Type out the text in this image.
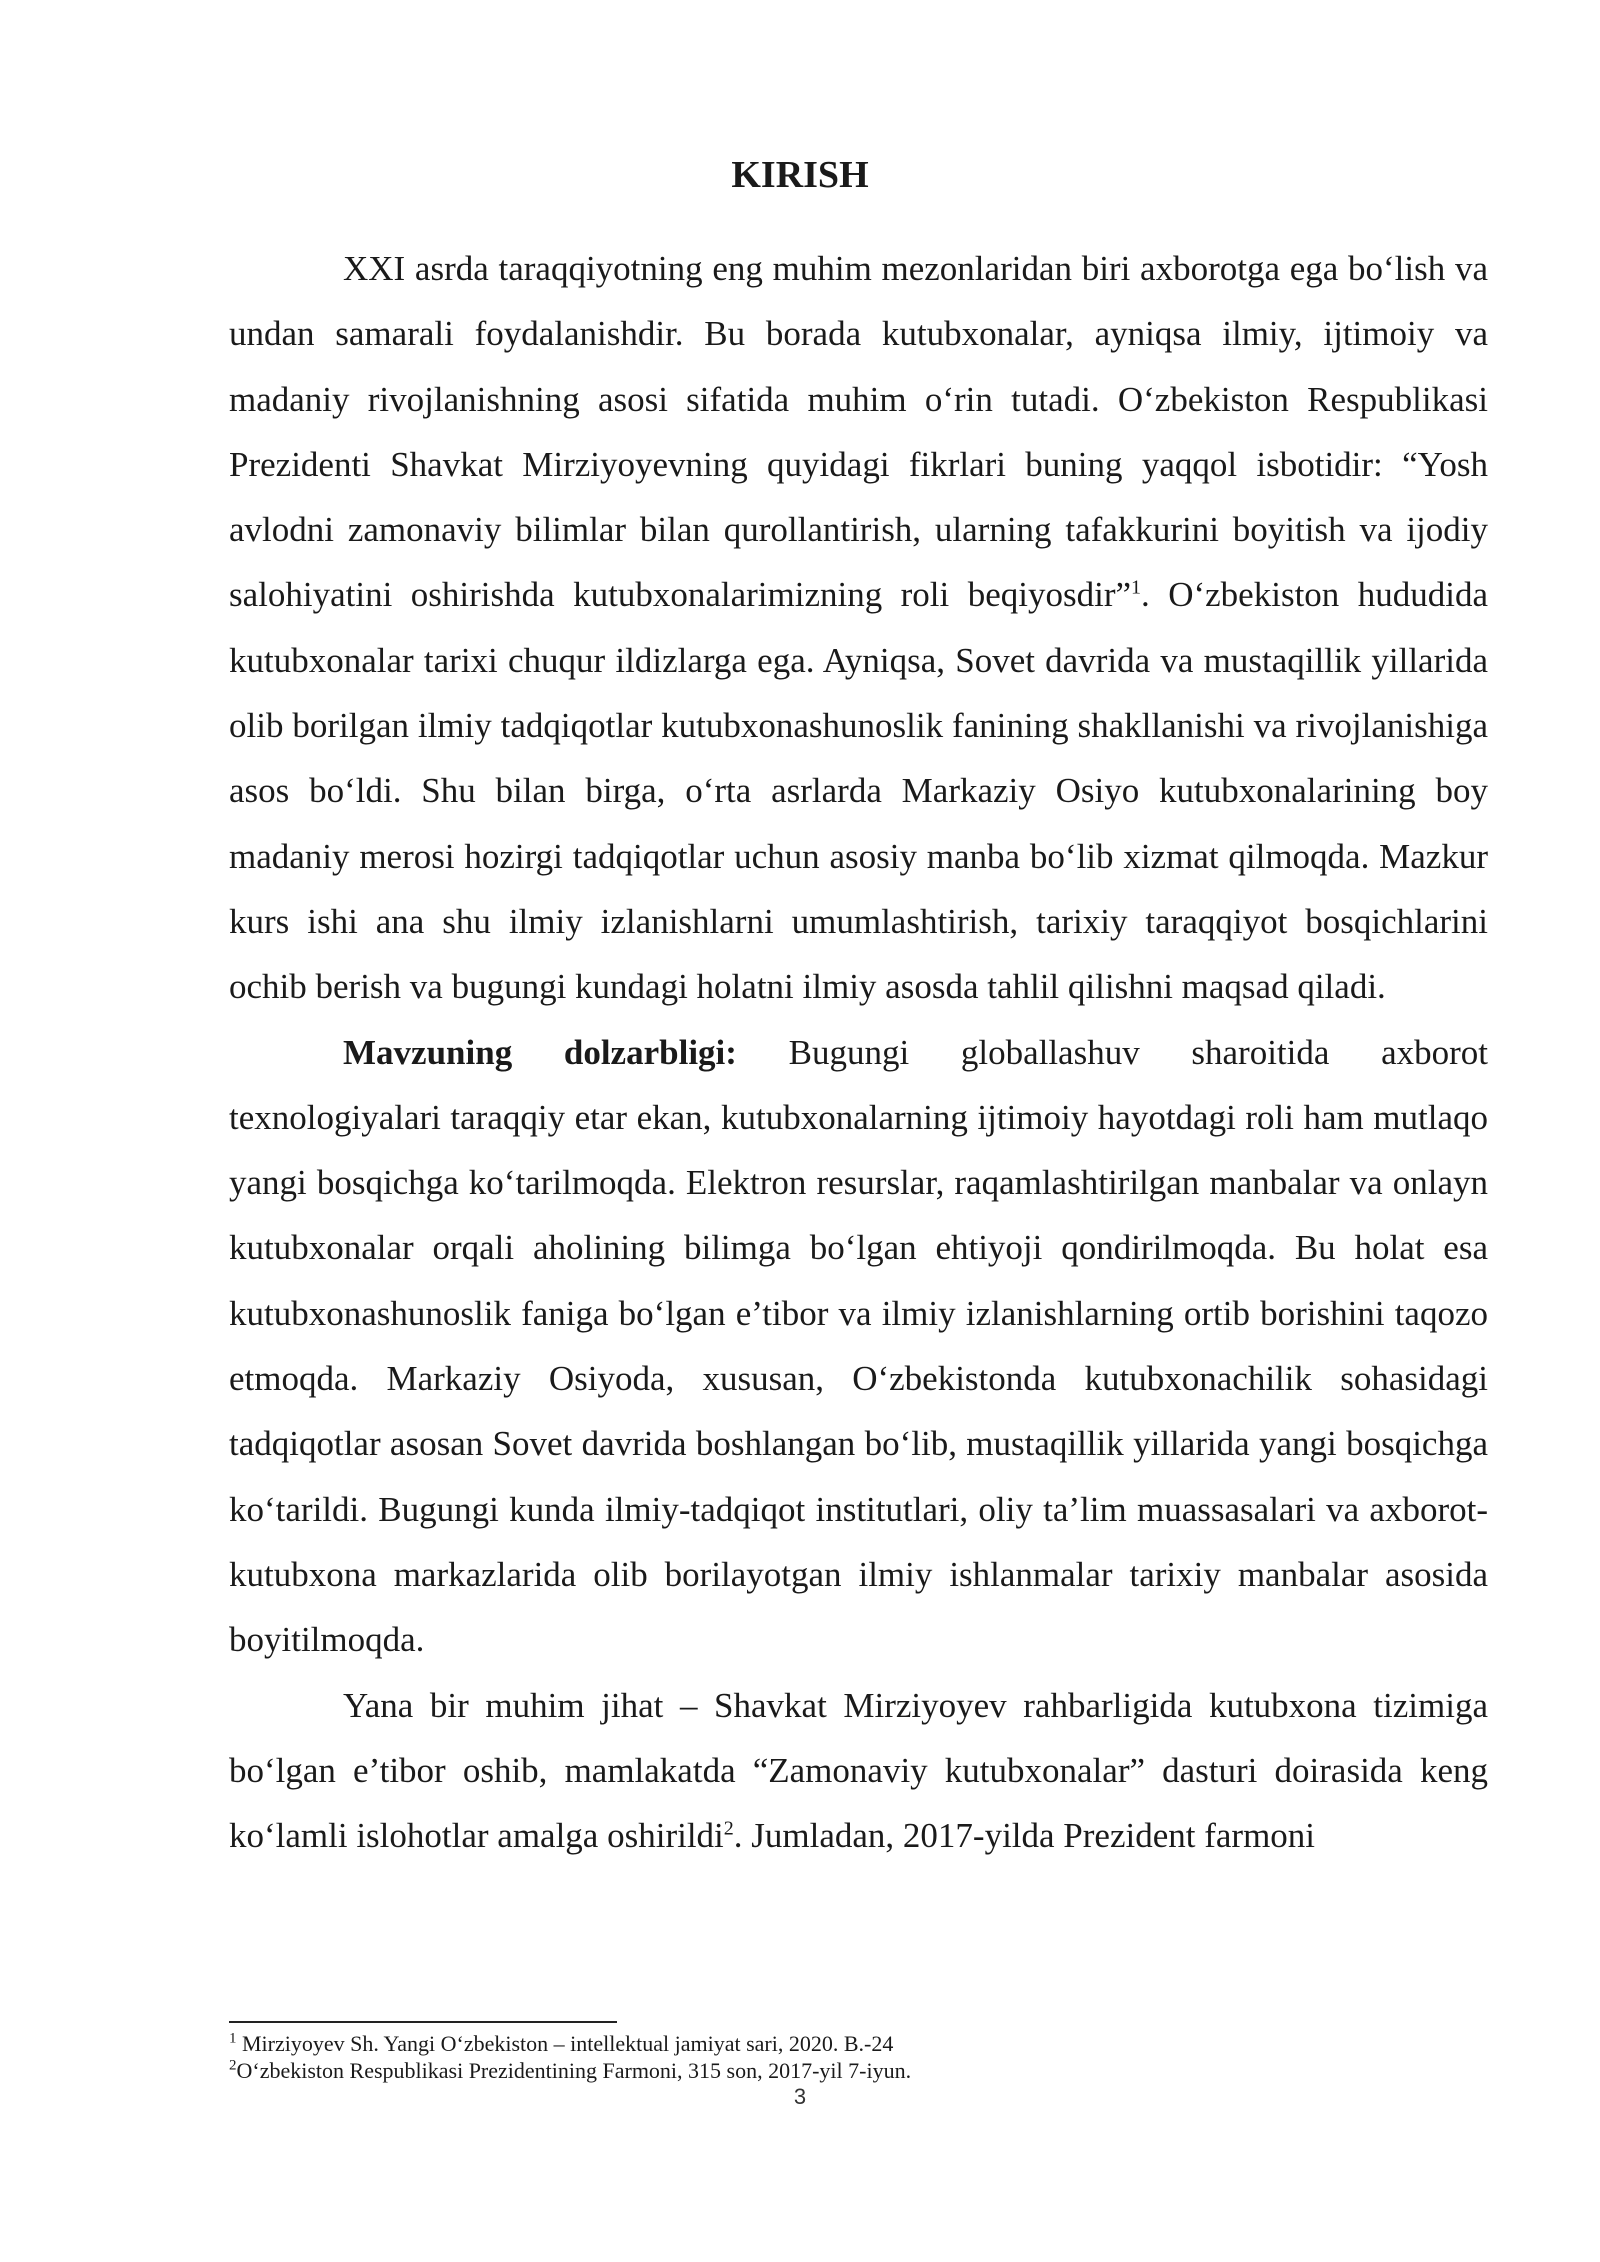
KIRISH

XXI asrda taraqqiyotning eng muhim mezonlaridan biri axborotga ega bo‘lish va undan samarali foydalanishdir. Bu borada kutubxonalar, ayniqsa ilmiy, ijtimoiy va madaniy rivojlanishning asosi sifatida muhim o‘rin tutadi. O‘zbekiston Respublikasi Prezidenti Shavkat Mirziyoyevning quyidagi fikrlari buning yaqqol isbotidir: “Yosh avlodni zamonaviy bilimlar bilan qurollantirish, ularning tafakkurini boyitish va ijodiy salohiyatini oshirishda kutubxonalarimizning roli beqiyosdir”$^1$. O‘zbekiston hududida kutubxonalar tarixi chuqur ildizlarga ega. Ayniqsa, Sovet davrida va mustaqillik yillarida olib borilgan ilmiy tadqiqotlar kutubxonashunoslik fanining shakllanishi va rivojlanishiga asos bo‘ldi. Shu bilan birga, o‘rta asrlarda Markaziy Osiyo kutubxonalarining boy madaniy merosi hozirgi tadqiqotlar uchun asosiy manba bo‘lib xizmat qilmoqda. Mazkur kurs ishi ana shu ilmiy izlanishlarni umumlashtirish, tarixiy taraqqiyot bosqichlarini ochib berish va bugungi kundagi holatni ilmiy asosda tahlil qilishni maqsad qiladi.

Mavzuning dolzarbligi: Bugungi globallashuv sharoitida axborot texnologiyalari taraqqiy etar ekan, kutubxonalarning ijtimoiy hayotdagi roli ham mutlaqo yangi bosqichga ko‘tarilmoqda. Elektron resurslar, raqamlashtirilgan manbalar va onlayn kutubxonalar orqali aholining bilimga bo‘lgan ehtiyoji qondirilmoqda. Bu holat esa kutubxonashunoslik faniga bo‘lgan e’tibor va ilmiy izlanishlarning ortib borishini taqozo etmoqda. Markaziy Osiyoda, xususan, O‘zbekistonda kutubxonachilik sohasidagi tadqiqotlar asosan Sovet davrida boshlangan bo‘lib, mustaqillik yillarida yangi bosqichga ko‘tarildi. Bugungi kunda ilmiy-tadqiqot institutlari, oliy ta’lim muassasalari va axborot-kutubxona markazlarida olib borilayotgan ilmiy ishlanmalar tarixiy manbalar asosida boyitilmoqda.

Yana bir muhim jihat – Shavkat Mirziyoyev rahbarligida kutubxona tizimiga bo‘lgan e’tibor oshib, mamlakatda “Zamonaviy kutubxonalar” dasturi doirasida keng ko‘lamli islohotlar amalga oshirildi$^2$. Jumladan, 2017-yilda Prezident farmoni

$^1$ Mirziyoyev Sh. Yangi O‘zbekiston – intellektual jamiyat sari, 2020. B.-24

$^2$O‘zbekiston Respublikasi Prezidentining Farmoni, 315 son, 2017-yil 7-iyun.

3
